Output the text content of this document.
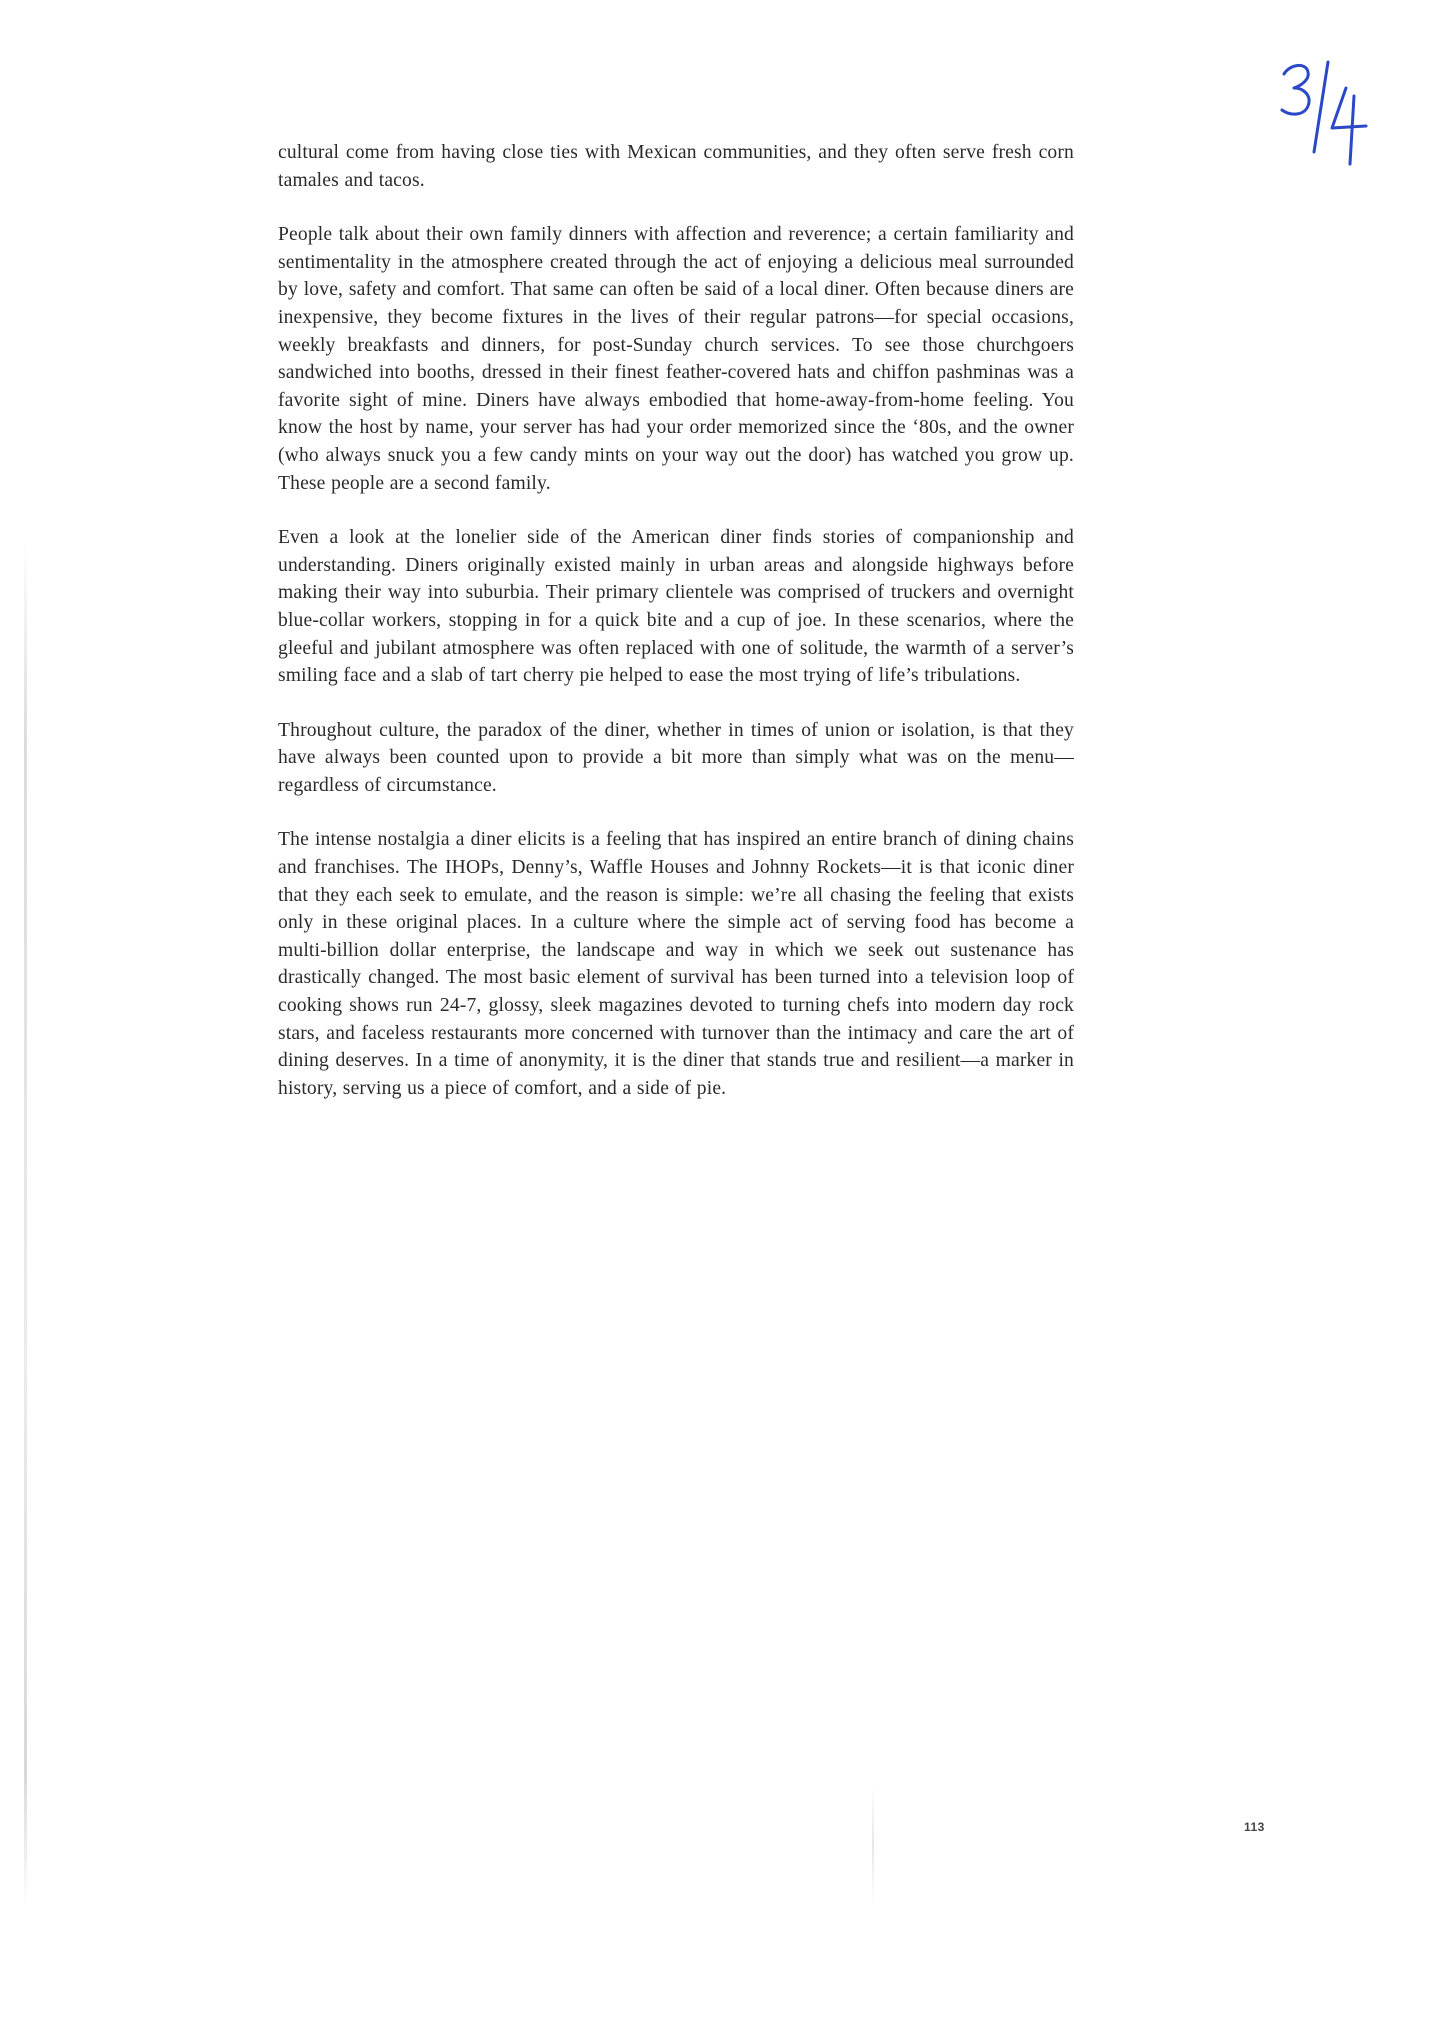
cultural come from having close ties with Mexican communities, and they often serve fresh corn tamales and tacos.

People talk about their own family dinners with affection and reverence; a certain familiarity and sentimentality in the atmosphere created through the act of enjoying a delicious meal surrounded by love, safety and comfort. That same can often be said of a local diner. Often because diners are inexpensive, they become fixtures in the lives of their regular patrons—for special occasions, weekly breakfasts and dinners, for post-Sunday church services. To see those churchgoers sandwiched into booths, dressed in their finest feather-covered hats and chiffon pashminas was a favorite sight of mine. Diners have always embodied that home-away-from-home feeling. You know the host by name, your server has had your order memorized since the ‘80s, and the owner (who always snuck you a few candy mints on your way out the door) has watched you grow up. These people are a second family.

Even a look at the lonelier side of the American diner finds stories of companionship and understanding. Diners originally existed mainly in urban areas and alongside highways before making their way into suburbia. Their primary clientele was comprised of truckers and overnight blue-collar workers, stopping in for a quick bite and a cup of joe. In these scenarios, where the gleeful and jubilant atmosphere was often replaced with one of solitude, the warmth of a server’s smiling face and a slab of tart cherry pie helped to ease the most trying of life’s tribulations.

Throughout culture, the paradox of the diner, whether in times of union or isolation, is that they have always been counted upon to provide a bit more than simply what was on the menu—regardless of circumstance.

The intense nostalgia a diner elicits is a feeling that has inspired an entire branch of dining chains and franchises. The IHOPs, Denny’s, Waffle Houses and Johnny Rockets—it is that iconic diner that they each seek to emulate, and the reason is simple: we’re all chasing the feeling that exists only in these original places. In a culture where the simple act of serving food has become a multi-billion dollar enterprise, the landscape and way in which we seek out sustenance has drastically changed. The most basic element of survival has been turned into a television loop of cooking shows run 24-7, glossy, sleek magazines devoted to turning chefs into modern day rock stars, and faceless restaurants more concerned with turnover than the intimacy and care the art of dining deserves. In a time of anonymity, it is the diner that stands true and resilient—a marker in history, serving us a piece of comfort, and a side of pie.

113
